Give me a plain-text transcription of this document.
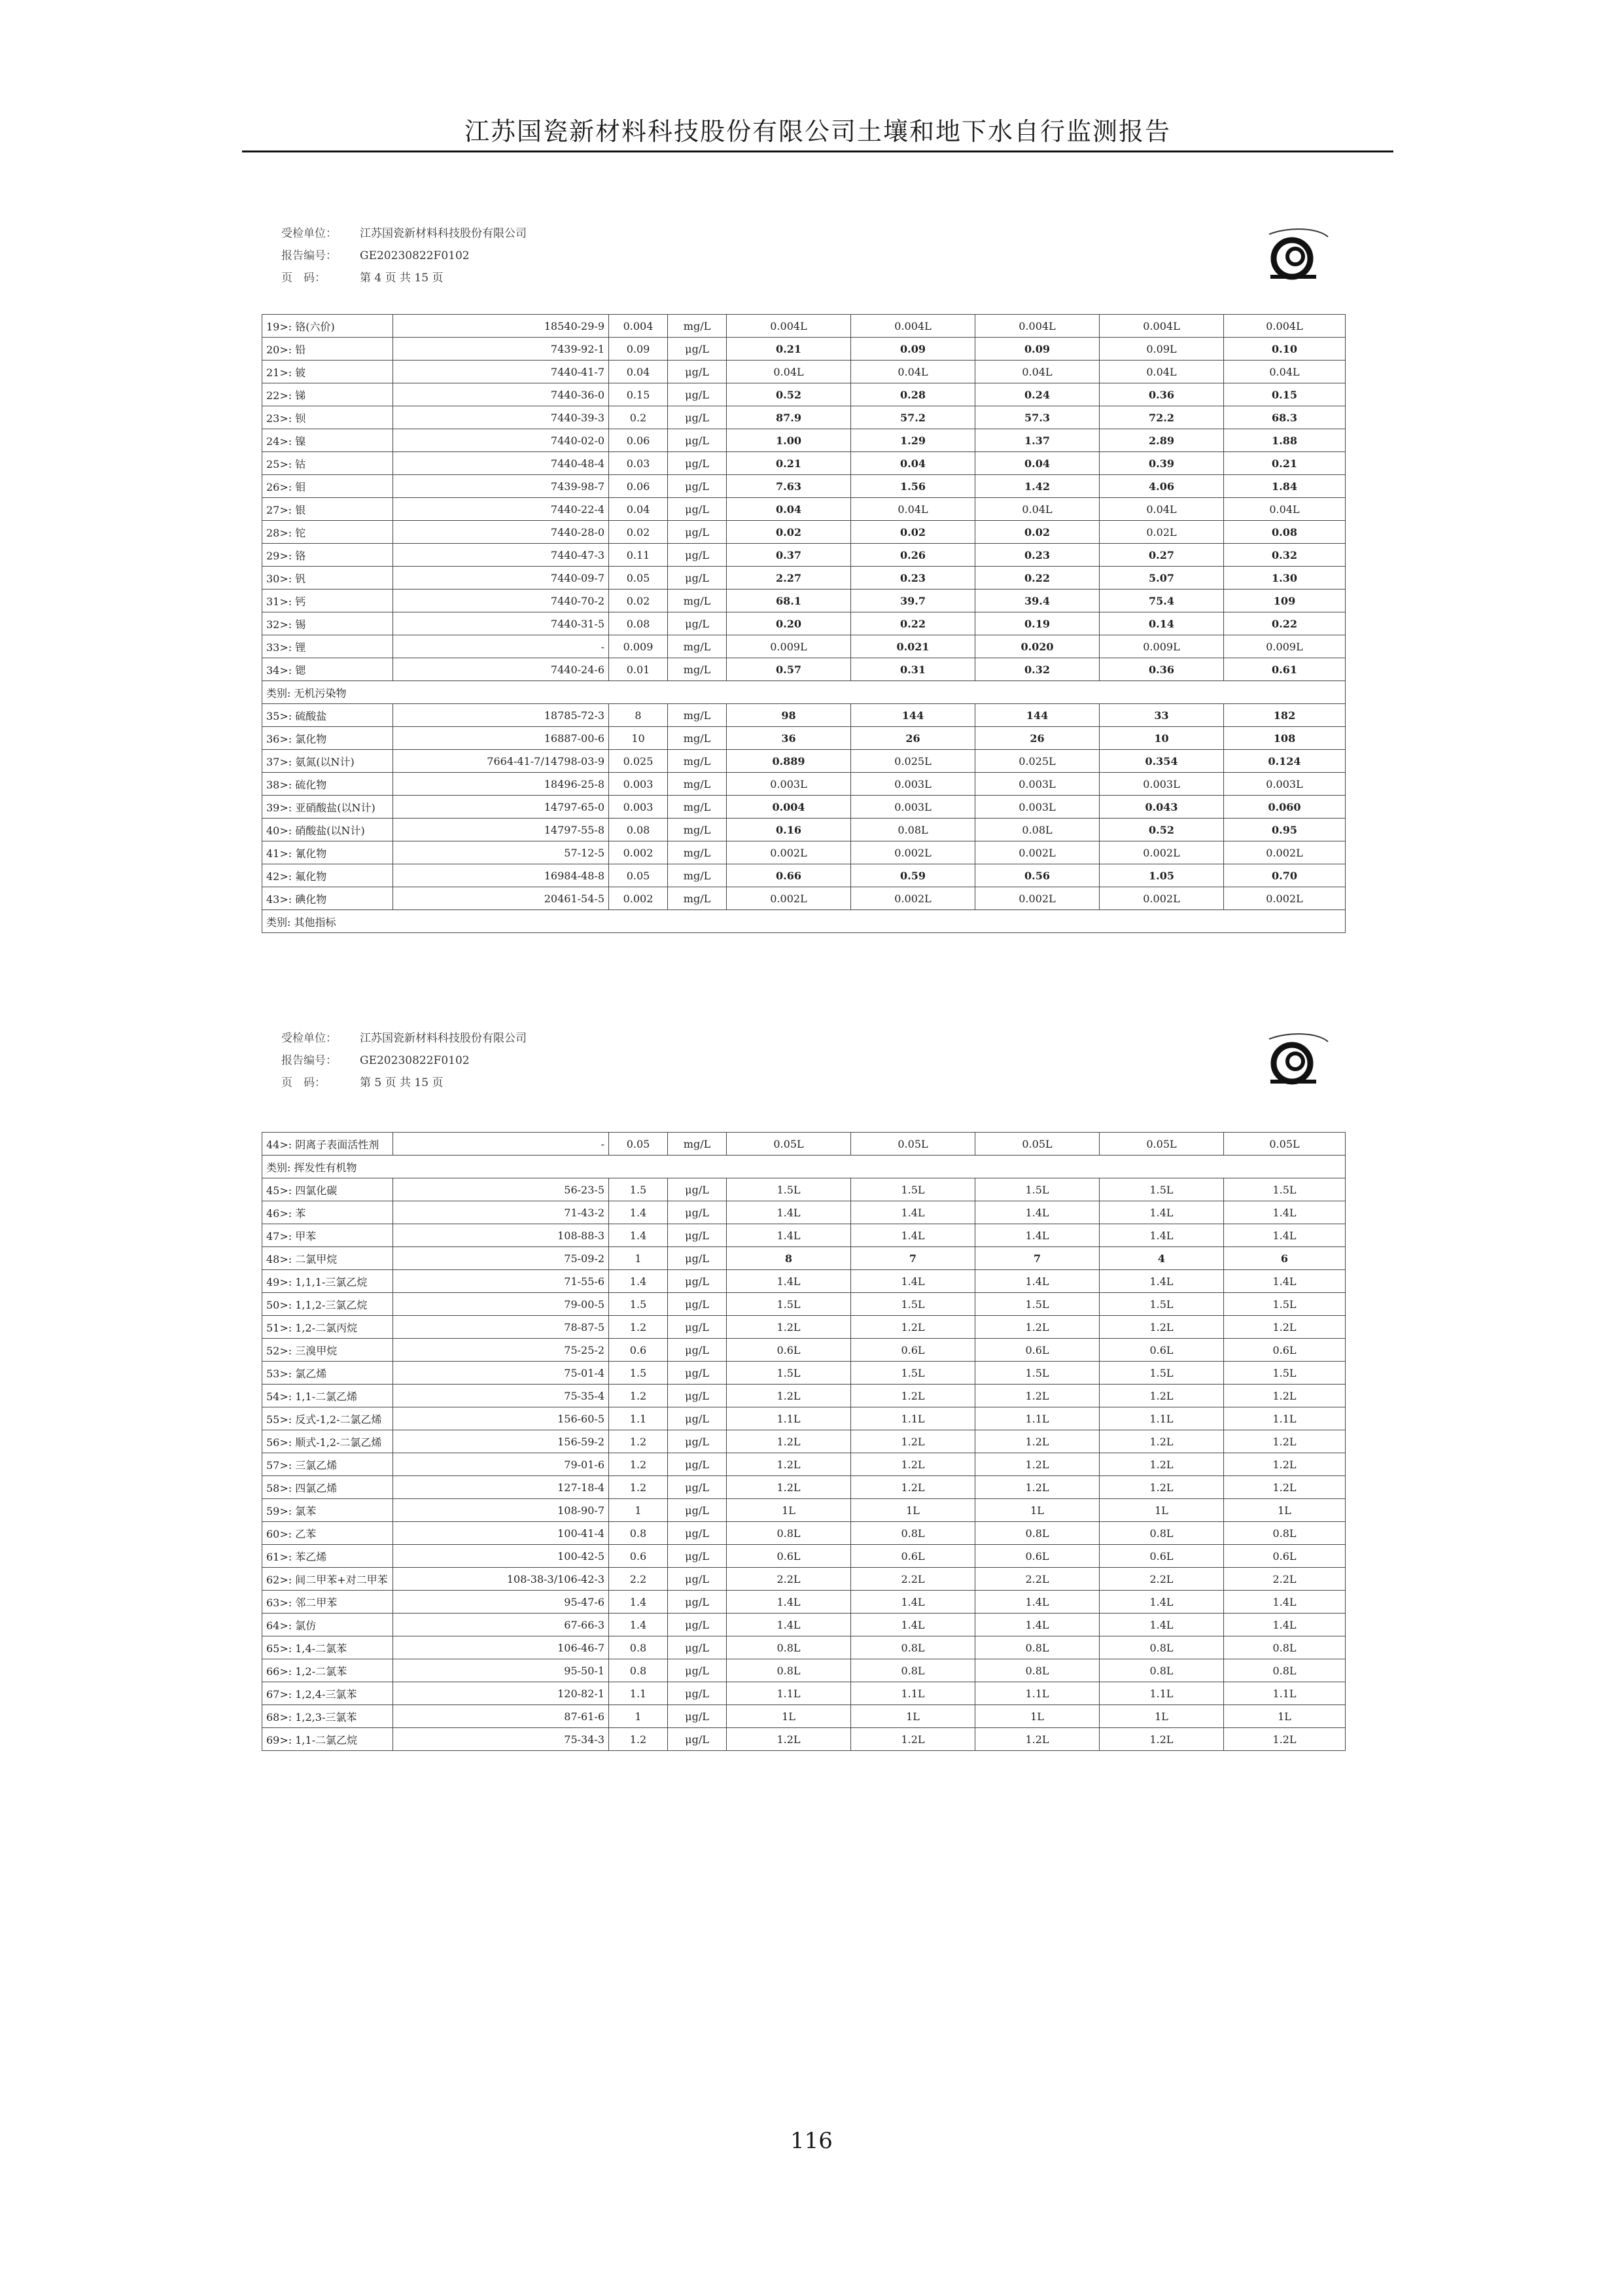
江苏国瓷新材料科技股份有限公司土壤和地下水自行监测报告
受检单位： 江苏国瓷新材料科技股份有限公司
报告编号： GE20230822F0102
页　码：	第 4 页 共 15 页
19>: 铬(六价)	18540-29-9	0.004	mg/L	0.004L	0.004L	0.004L	0.004L	0.004L
20>: 铅	7439-92-1	0.09	μg/L	0.21	0.09	0.09	0.09L	0.10
21>: 铍	7440-41-7	0.04	μg/L	0.04L	0.04L	0.04L	0.04L	0.04L
22>: 锑	7440-36-0	0.15	μg/L	0.52	0.28	0.24	0.36	0.15
23>: 钡	7440-39-3	0.2	μg/L	87.9	57.2	57.3	72.2	68.3
24>: 镍	7440-02-0	0.06	μg/L	1.00	1.29	1.37	2.89	1.88
25>: 钴	7440-48-4	0.03	μg/L	0.21	0.04	0.04	0.39	0.21
26>: 钼	7439-98-7	0.06	μg/L	7.63	1.56	1.42	4.06	1.84
27>: 银	7440-22-4	0.04	μg/L	0.04	0.04L	0.04L	0.04L	0.04L
28>: 铊	7440-28-0	0.02	μg/L	0.02	0.02	0.02	0.02L	0.08
29>: 铬	7440-47-3	0.11	μg/L	0.37	0.26	0.23	0.27	0.32
30>: 钒	7440-09-7	0.05	μg/L	2.27	0.23	0.22	5.07	1.30
31>: 钙	7440-70-2	0.02	mg/L	68.1	39.7	39.4	75.4	109
32>: 锡	7440-31-5	0.08	μg/L	0.20	0.22	0.19	0.14	0.22
33>: 锂	-	0.009	mg/L	0.009L	0.021	0.020	0.009L	0.009L
34>: 锶	7440-24-6	0.01	mg/L	0.57	0.31	0.32	0.36	0.61
类别: 无机污染物								
35>: 硫酸盐	18785-72-3	8	mg/L	98	144	144	33	182
36>: 氯化物	16887-00-6	10	mg/L	36	26	26	10	108
37>: 氨氮(以N计)	7664-41-7/14798-03-9	0.025	mg/L	0.889	0.025L	0.025L	0.354	0.124
38>: 硫化物	18496-25-8	0.003	mg/L	0.003L	0.003L	0.003L	0.003L	0.003L
39>: 亚硝酸盐(以N计)	14797-65-0	0.003	mg/L	0.004	0.003L	0.003L	0.043	0.060
40>: 硝酸盐(以N计)	14797-55-8	0.08	mg/L	0.16	0.08L	0.08L	0.52	0.95
41>: 氰化物	57-12-5	0.002	mg/L	0.002L	0.002L	0.002L	0.002L	0.002L
42>: 氟化物	16984-48-8	0.05	mg/L	0.66	0.59	0.56	1.05	0.70
43>: 碘化物	20461-54-5	0.002	mg/L	0.002L	0.002L	0.002L	0.002L	0.002L
类别: 其他指标								
受检单位： 江苏国瓷新材料科技股份有限公司
报告编号： GE20230822F0102
页　码：	第 5 页 共 15 页
44>: 阴离子表面活性剂	-	0.05	mg/L	0.05L	0.05L	0.05L	0.05L	0.05L
类别: 挥发性有机物								
45>: 四氯化碳	56-23-5	1.5	μg/L	1.5L	1.5L	1.5L	1.5L	1.5L
46>: 苯	71-43-2	1.4	μg/L	1.4L	1.4L	1.4L	1.4L	1.4L
47>: 甲苯	108-88-3	1.4	μg/L	1.4L	1.4L	1.4L	1.4L	1.4L
48>: 二氯甲烷	75-09-2	1	μg/L	8	7	7	4	6
49>: 1,1,1-三氯乙烷	71-55-6	1.4	μg/L	1.4L	1.4L	1.4L	1.4L	1.4L
50>: 1,1,2-三氯乙烷	79-00-5	1.5	μg/L	1.5L	1.5L	1.5L	1.5L	1.5L
51>: 1,2-二氯丙烷	78-87-5	1.2	μg/L	1.2L	1.2L	1.2L	1.2L	1.2L
52>: 三溴甲烷	75-25-2	0.6	μg/L	0.6L	0.6L	0.6L	0.6L	0.6L
53>: 氯乙烯	75-01-4	1.5	μg/L	1.5L	1.5L	1.5L	1.5L	1.5L
54>: 1,1-二氯乙烯	75-35-4	1.2	μg/L	1.2L	1.2L	1.2L	1.2L	1.2L
55>: 反式-1,2-二氯乙烯	156-60-5	1.1	μg/L	1.1L	1.1L	1.1L	1.1L	1.1L
56>: 顺式-1,2-二氯乙烯	156-59-2	1.2	μg/L	1.2L	1.2L	1.2L	1.2L	1.2L
57>: 三氯乙烯	79-01-6	1.2	μg/L	1.2L	1.2L	1.2L	1.2L	1.2L
58>: 四氯乙烯	127-18-4	1.2	μg/L	1.2L	1.2L	1.2L	1.2L	1.2L
59>: 氯苯	108-90-7	1	μg/L	1L	1L	1L	1L	1L
60>: 乙苯	100-41-4	0.8	μg/L	0.8L	0.8L	0.8L	0.8L	0.8L
61>: 苯乙烯	100-42-5	0.6	μg/L	0.6L	0.6L	0.6L	0.6L	0.6L
62>: 间二甲苯+对二甲苯	108-38-3/106-42-3	2.2	μg/L	2.2L	2.2L	2.2L	2.2L	2.2L
63>: 邻二甲苯	95-47-6	1.4	μg/L	1.4L	1.4L	1.4L	1.4L	1.4L
64>: 氯仿	67-66-3	1.4	μg/L	1.4L	1.4L	1.4L	1.4L	1.4L
65>: 1,4-二氯苯	106-46-7	0.8	μg/L	0.8L	0.8L	0.8L	0.8L	0.8L
66>: 1,2-二氯苯	95-50-1	0.8	μg/L	0.8L	0.8L	0.8L	0.8L	0.8L
67>: 1,2,4-三氯苯	120-82-1	1.1	μg/L	1.1L	1.1L	1.1L	1.1L	1.1L
68>: 1,2,3-三氯苯	87-61-6	1	μg/L	1L	1L	1L	1L	1L
69>: 1,1-二氯乙烷	75-34-3	1.2	μg/L	1.2L	1.2L	1.2L	1.2L	1.2L
116
